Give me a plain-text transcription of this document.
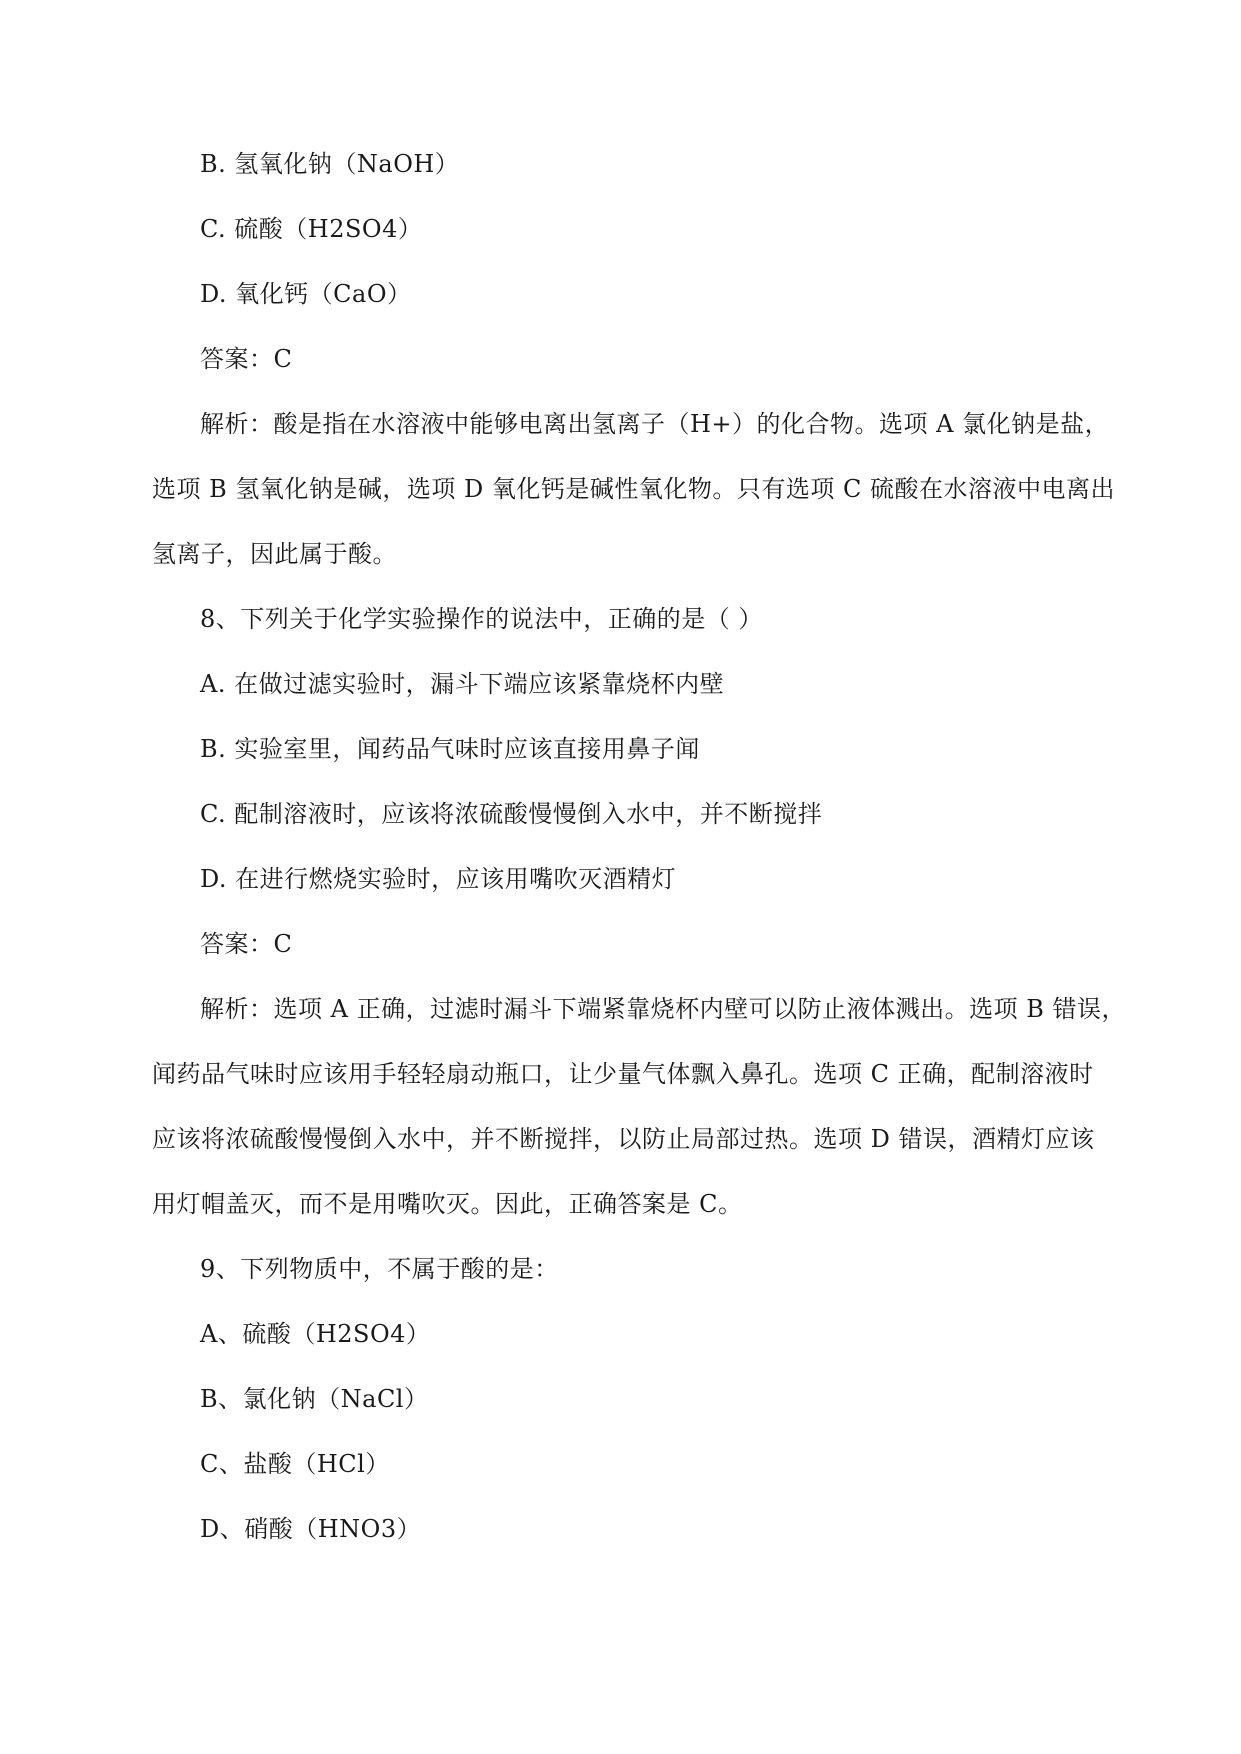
B. 氢氧化钠（NaOH）
C. 硫酸（H2SO4）
D. 氧化钙（CaO）
答案：C
解析：酸是指在水溶液中能够电离出氢离子（H+）的化合物。选项 A 氯化钠是盐，
选项 B 氢氧化钠是碱，选项 D 氧化钙是碱性氧化物。只有选项 C 硫酸在水溶液中电离出
氢离子，因此属于酸。
8、下列关于化学实验操作的说法中，正确的是（ ）
A. 在做过滤实验时，漏斗下端应该紧靠烧杯内壁
B. 实验室里，闻药品气味时应该直接用鼻子闻
C. 配制溶液时，应该将浓硫酸慢慢倒入水中，并不断搅拌
D. 在进行燃烧实验时，应该用嘴吹灭酒精灯
答案：C
解析：选项 A 正确，过滤时漏斗下端紧靠烧杯内壁可以防止液体溅出。选项 B 错误，
闻药品气味时应该用手轻轻扇动瓶口，让少量气体飘入鼻孔。选项 C 正确，配制溶液时
应该将浓硫酸慢慢倒入水中，并不断搅拌，以防止局部过热。选项 D 错误，酒精灯应该
用灯帽盖灭，而不是用嘴吹灭。因此，正确答案是 C。
9、下列物质中，不属于酸的是：
A、硫酸（H2SO4）
B、氯化钠（NaCl）
C、盐酸（HCl）
D、硝酸（HNO3）
